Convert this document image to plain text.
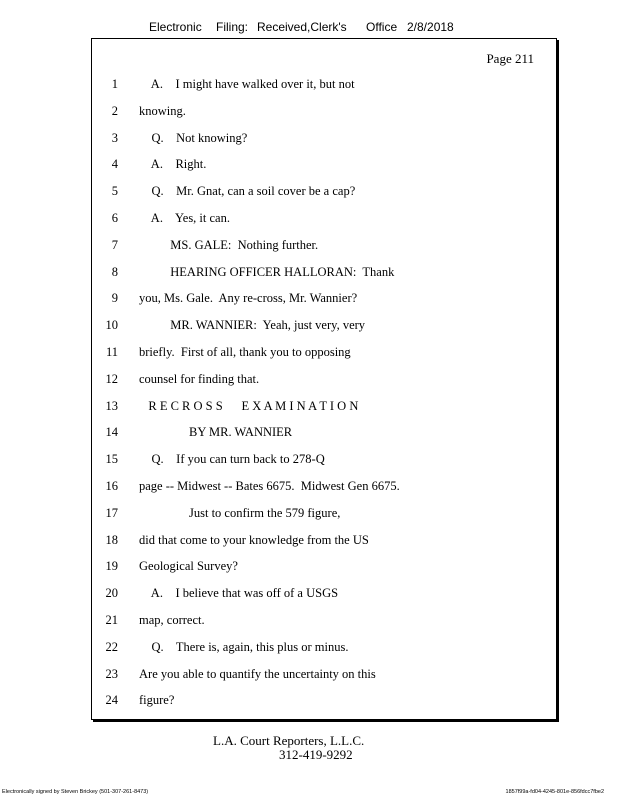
Electronic Filing: Received,Clerk's Office 2/8/2018
Page 211
1 A.    I might have walked over it, but not
2 knowing.
3 Q.    Not knowing?
4 A.    Right.
5 Q.    Mr. Gnat, can a soil cover be a cap?
6 A.    Yes, it can.
7 MS. GALE:  Nothing further.
8 HEARING OFFICER HALLORAN:  Thank
9 you, Ms. Gale.  Any re-cross, Mr. Wannier?
10 MR. WANNIER:  Yeah, just very, very
11 briefly.  First of all, thank you to opposing
12 counsel for finding that.
13 R E C R O S S      E X A M I N A T I O N
14 BY MR. WANNIER
15 Q.    If you can turn back to 278-Q
16 page -- Midwest -- Bates 6675.  Midwest Gen 6675.
17 Just to confirm the 579 figure,
18 did that come to your knowledge from the US
19 Geological Survey?
20 A.    I believe that was off of a USGS
21 map, correct.
22 Q.    There is, again, this plus or minus.
23 Are you able to quantify the uncertainty on this
24 figure?
L.A. Court Reporters, L.L.C.
312-419-9292
Electronically signed by Steven Brickey (501-307-261-8473)	1857f99a-fd04-4245-801e-856fdcc7fbe2
